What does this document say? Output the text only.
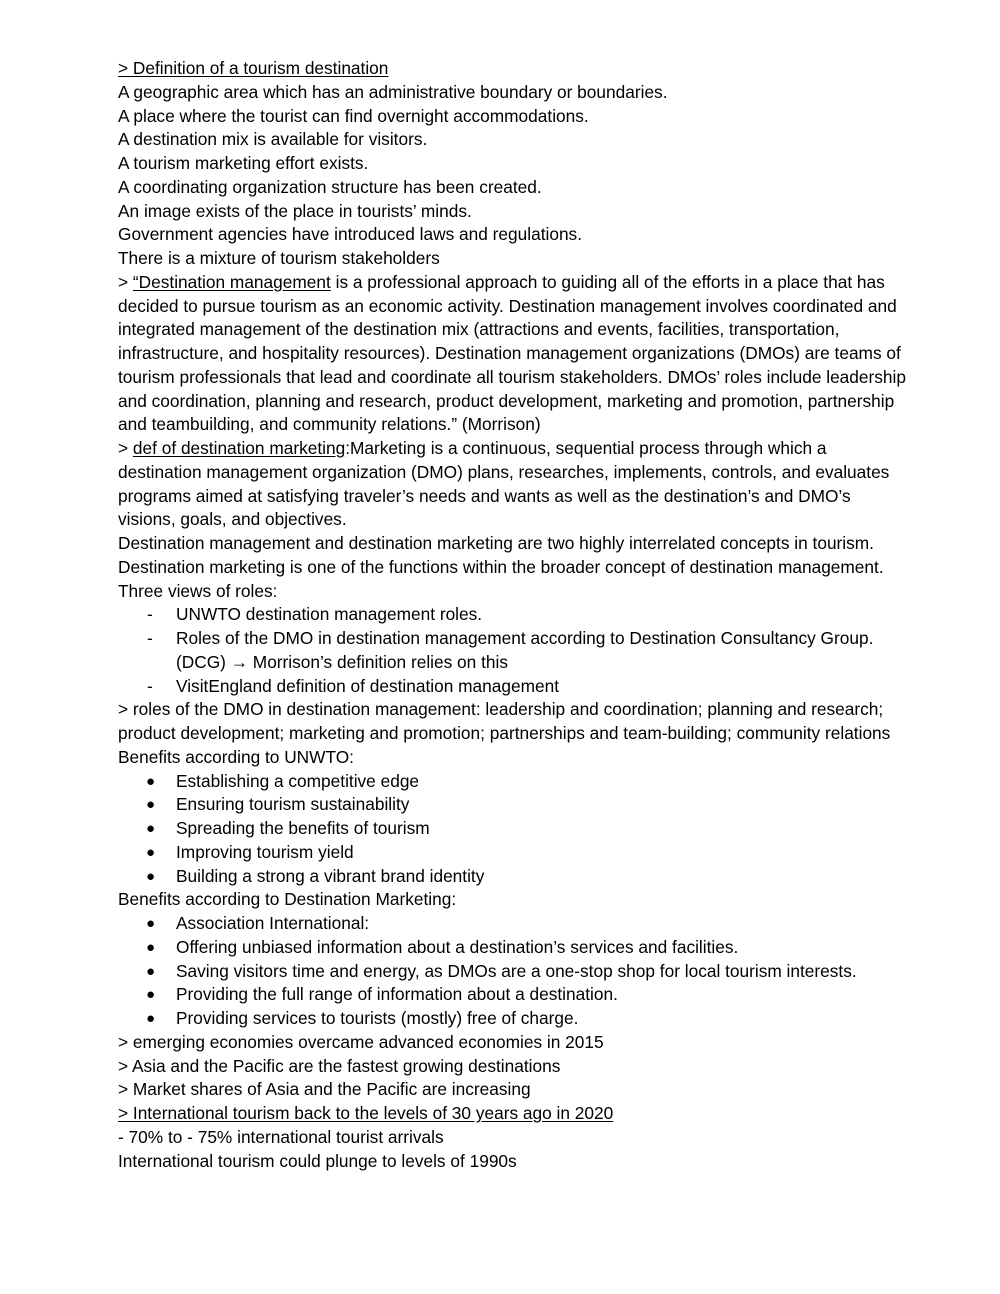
> Definition of a tourism destination

A geographic area which has an administrative boundary or boundaries.

A place where the tourist can find overnight accommodations.

A destination mix is available for visitors.

A tourism marketing effort exists.

A coordinating organization structure has been created.

An image exists of the place in tourists’ minds.

Government agencies have introduced laws and regulations.

There is a mixture of tourism stakeholders

> “Destination management is a professional approach to guiding all of the efforts in a place that has decided to pursue tourism as an economic activity. Destination management involves coordinated and integrated management of the destination mix (attractions and events, facilities, transportation, infrastructure, and hospitality resources). Destination management organizations (DMOs) are teams of tourism professionals that lead and coordinate all tourism stakeholders. DMOs’ roles include leadership and coordination, planning and research, product development, marketing and promotion, partnership and teambuilding, and community relations.” (Morrison)

> def of destination marketing:Marketing is a continuous, sequential process through which a destination management organization (DMO) plans, researches, implements, controls, and evaluates programs aimed at satisfying traveler’s needs and wants as well as the destination’s and DMO’s visions, goals, and objectives.

Destination management and destination marketing are two highly interrelated concepts in tourism. Destination marketing is one of the functions within the broader concept of destination management. Three views of roles:

- UNWTO destination management roles.
- Roles of the DMO in destination management according to Destination Consultancy Group. (DCG) → Morrison’s definition relies on this
- VisitEngland definition of destination management

> roles of the DMO in destination management: leadership and coordination; planning and research; product development; marketing and promotion; partnerships and team-building; community relations

Benefits according to UNWTO:

● Establishing a competitive edge
● Ensuring tourism sustainability
● Spreading the benefits of tourism
● Improving tourism yield
● Building a strong a vibrant brand identity

Benefits according to Destination Marketing:

● Association International:
● Offering unbiased information about a destination’s services and facilities.
● Saving visitors time and energy, as DMOs are a one-stop shop for local tourism interests.
● Providing the full range of information about a destination.
● Providing services to tourists (mostly) free of charge.

> emerging economies overcame advanced economies in 2015

> Asia and the Pacific are the fastest growing destinations

> Market shares of Asia and the Pacific are increasing

> International tourism back to the levels of 30 years ago in 2020

- 70% to - 75% international tourist arrivals

International tourism could plunge to levels of 1990s
